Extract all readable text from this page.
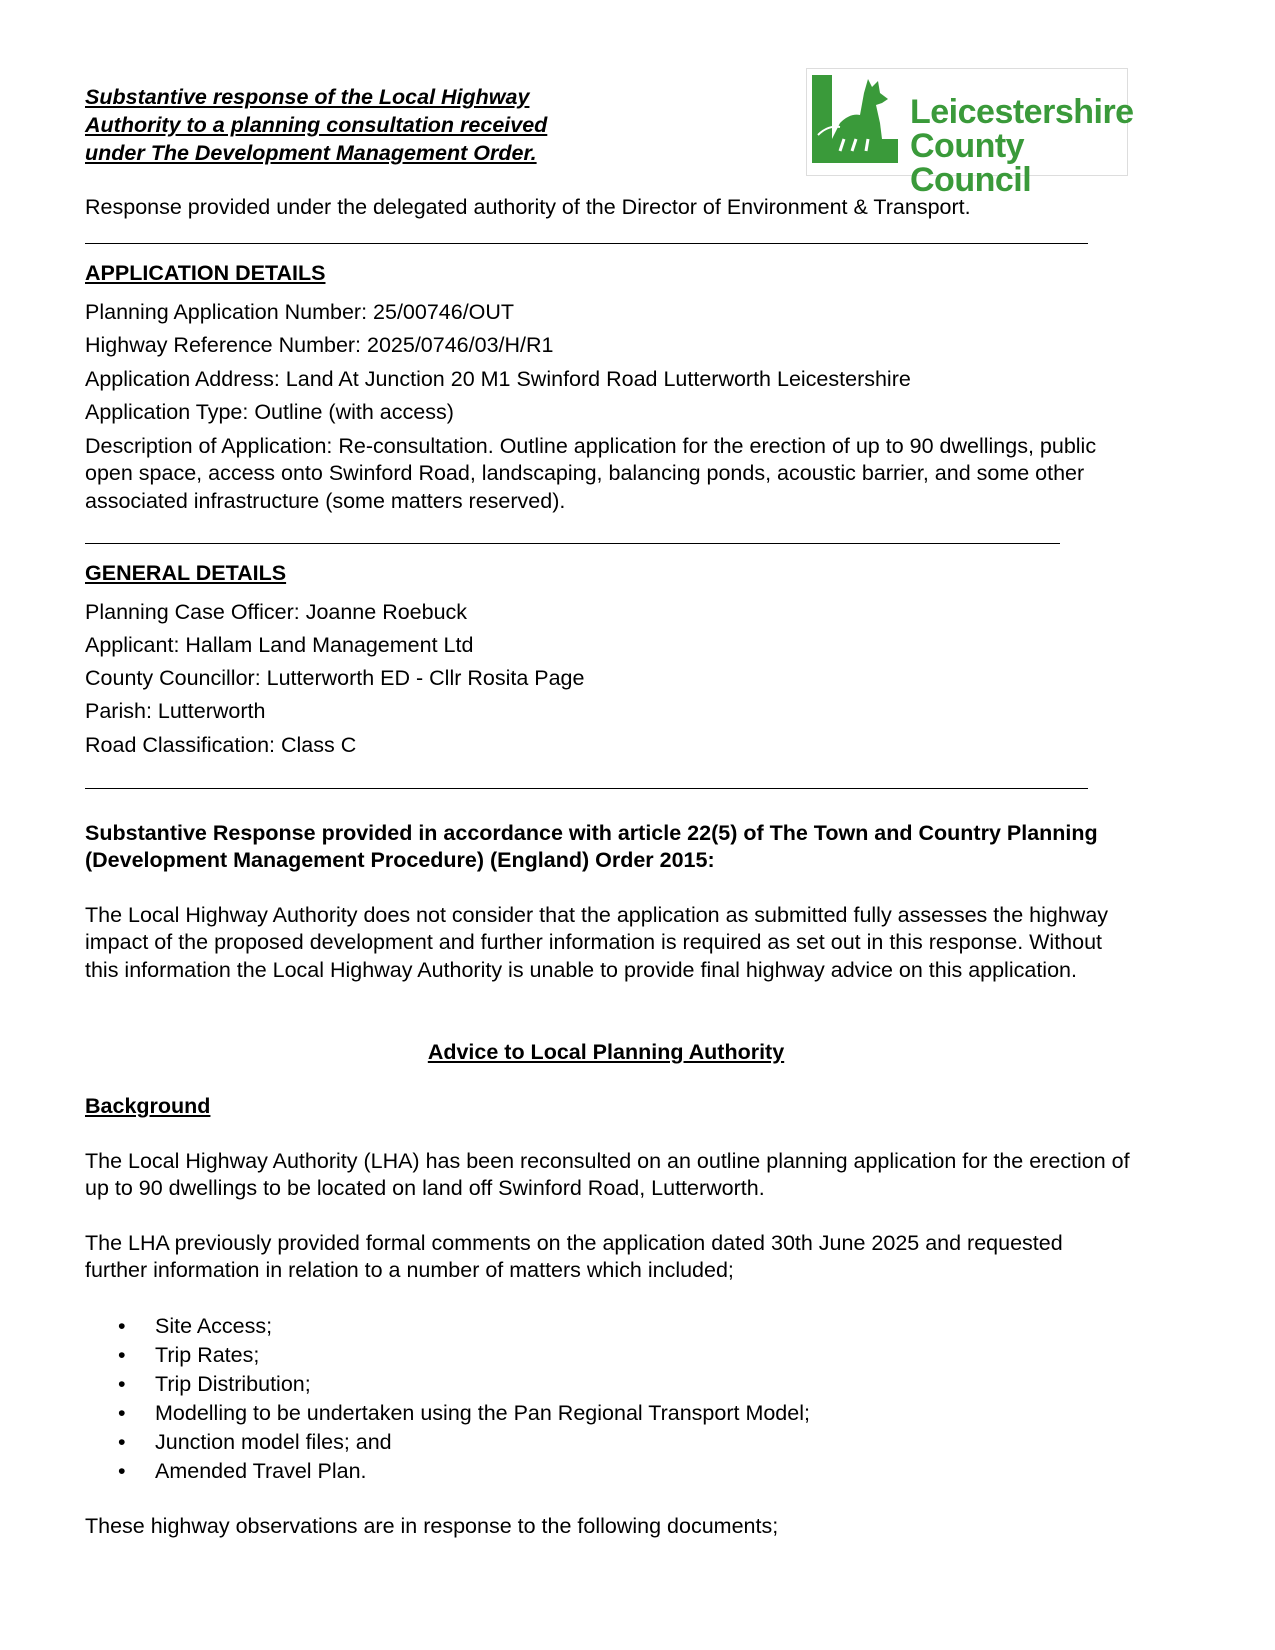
Substantive response of the Local Highway
Authority to a planning consultation received
under The Development Management Order.
Leicestershire
County Council
Response provided under the delegated authority of the Director of Environment & Transport.
APPLICATION DETAILS
Planning Application Number: 25/00746/OUT
Highway Reference Number: 2025/0746/03/H/R1
Application Address: Land At Junction 20 M1 Swinford Road Lutterworth Leicestershire
Application Type: Outline (with access)
Description of Application: Re-consultation. Outline application for the erection of up to 90 dwellings, public open space, access onto Swinford Road, landscaping, balancing ponds, acoustic barrier, and some other associated infrastructure (some matters reserved).
GENERAL DETAILS
Planning Case Officer: Joanne Roebuck
Applicant: Hallam Land Management Ltd
County Councillor: Lutterworth ED - Cllr Rosita Page
Parish: Lutterworth
Road Classification: Class C
Substantive Response provided in accordance with article 22(5) of The Town and Country Planning (Development Management Procedure) (England) Order 2015:
The Local Highway Authority does not consider that the application as submitted fully assesses the highway impact of the proposed development and further information is required as set out in this response. Without this information the Local Highway Authority is unable to provide final highway advice on this application.
Advice to Local Planning Authority
Background
The Local Highway Authority (LHA) has been reconsulted on an outline planning application for the erection of up to 90 dwellings to be located on land off Swinford Road, Lutterworth.
The LHA previously provided formal comments on the application dated 30th June 2025 and requested further information in relation to a number of matters which included;
• Site Access;
• Trip Rates;
• Trip Distribution;
• Modelling to be undertaken using the Pan Regional Transport Model;
• Junction model files; and
• Amended Travel Plan.
These highway observations are in response to the following documents;
